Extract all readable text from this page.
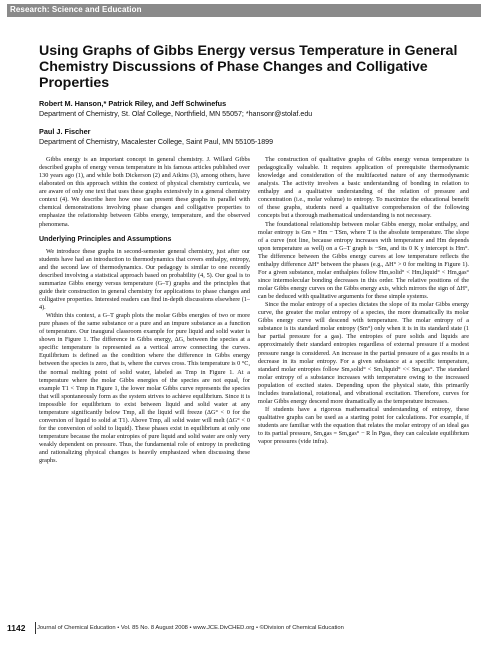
Research: Science and Education
Using Graphs of Gibbs Energy versus Temperature in General Chemistry Discussions of Phase Changes and Colligative Properties
Robert M. Hanson,* Patrick Riley, and Jeff Schwinefus
Department of Chemistry, St. Olaf College, Northfield, MN 55057; *hansonr@stolaf.edu
Paul J. Fischer
Department of Chemistry, Macalester College, Saint Paul, MN 55105-1899

Gibbs energy is an important concept in general chemistry. J. Willard Gibbs described graphs of energy versus temperature in his famous articles published over 130 years ago (1), and while both Dickerson (2) and Atkins (3), among others, have elaborated on this approach within the context of physical chemistry curricula, we are aware of only one text that uses these graphs extensively in a general chemistry context (4). We describe here how one can present these graphs in parallel with chemical demonstrations involving phase changes and colligative properties to emphasize the relationship between Gibbs energy, temperature, and the observed phenomena.

Underlying Principles and Assumptions

We introduce these graphs in second-semester general chemistry, just after our students have had an introduction to thermodynamics that covers enthalpy, entropy, and the second law of thermodynamics. Our pedagogy is similar to one recently described involving a statistical approach based on probability (4, 5). Our goal is to summarize Gibbs energy versus temperature (G–T) graphs and the principles that guide their construction in general chemistry for applications to phase changes and colligative properties. Interested readers can find in-depth discussions elsewhere (1–4).

Within this context, a G–T graph plots the molar Gibbs energies of two or more pure phases of the same substance or a pure and an impure substance as a function of temperature. Our inaugural classroom example for pure liquid and solid water is shown in Figure 1. The difference in Gibbs energy, ΔG, between the species at a specific temperature is represented as a vertical arrow connecting the curves. Equilibrium is defined as the condition where the difference in Gibbs energy between the species is zero, that is, where the curves cross. This temperature is 0 °C, the normal melting point of solid water, labeled as Tmp in Figure 1. At a temperature where the molar Gibbs energies of the species are not equal, for example T1 < Tmp in Figure 1, the lower molar Gibbs curve represents the species that will spontaneously form as the system strives to achieve equilibrium. Since it is impossible for equilibrium to exist between liquid and solid water at any temperature significantly below Tmp, all the liquid will freeze (ΔG° < 0 for the conversion of liquid to solid at T1). Above Tmp, all solid water will melt (ΔG° < 0 for the conversion of solid to liquid). These phases exist in equilibrium at only one temperature because the molar entropies of pure liquid and solid water are only very weakly dependent on pressure. Thus, the fundamental role of entropy in predicting and rationalizing physical changes is heavily emphasized when discussing these graphs.

The construction of qualitative graphs of Gibbs energy versus temperature is pedagogically valuable. It requires application of prerequisite thermodynamic knowledge and consideration of the multifaceted nature of any thermodynamic analysis. The activity involves a basic understanding of bonding in relation to enthalpy and a qualitative understanding of the relation of pressure and concentration (i.e., molar volume) to entropy. To maximize the educational benefit of these graphs, students need a qualitative comprehension of the following concepts but a thorough mathematical understanding is not necessary.

The foundational relationship between molar Gibbs energy, molar enthalpy, and molar entropy is Gm = Hm − TSm, where T is the absolute temperature. The slope of a curve (not line, because entropy increases with temperature and Hm depends upon temperature as well) on a G–T graph is −Sm, and its 0 K y intercept is Hm°. The difference between the Gibbs energy curves at low temperature reflects the enthalpy difference ΔH° between the phases (e.g., ΔH° > 0 for melting in Figure 1). For a given substance, molar enthalpies follow Hm,solid° < Hm,liquid° < Hm,gas° since intermolecular bonding decreases in this order. The relative positions of the molar Gibbs energy curves on the Gibbs energy axis, which mirrors the sign of ΔH°, can be deduced with qualitative arguments for these simple systems.

Since the molar entropy of a species dictates the slope of its molar Gibbs energy curve, the greater the molar entropy of a species, the more dramatically its molar Gibbs energy curve will descend with temperature. The molar entropy of a substance is its standard molar entropy (Sm°) only when it is in its standard state (1 bar partial pressure for a gas). The entropies of pure solids and liquids are approximately their standard entropies regardless of external pressure if a modest pressure range is considered. An increase in the partial pressure of a gas results in a decrease in its molar entropy. For a given substance at a specific temperature, standard molar entropies follow Sm,solid° < Sm,liquid° << Sm,gas°. The standard molar entropy of a substance increases with temperature owing to the increased population of excited states. Depending upon the physical state, this primarily includes translational, rotational, and vibrational excitation. Therefore, curves for molar Gibbs energy descend more dramatically as the temperature increases.

If students have a rigorous mathematical understanding of entropy, these qualitative graphs can be used as a starting point for calculations. For example, if students are familiar with the equation that relates the molar entropy of an ideal gas to its partial pressure, Sm,gas = Sm,gas° − R ln Pgas, they can calculate equilibrium vapor pressures (vide infra).

1142 Journal of Chemical Education • Vol. 85 No. 8 August 2008 • www.JCE.DivCHED.org • ©Division of Chemical Education
